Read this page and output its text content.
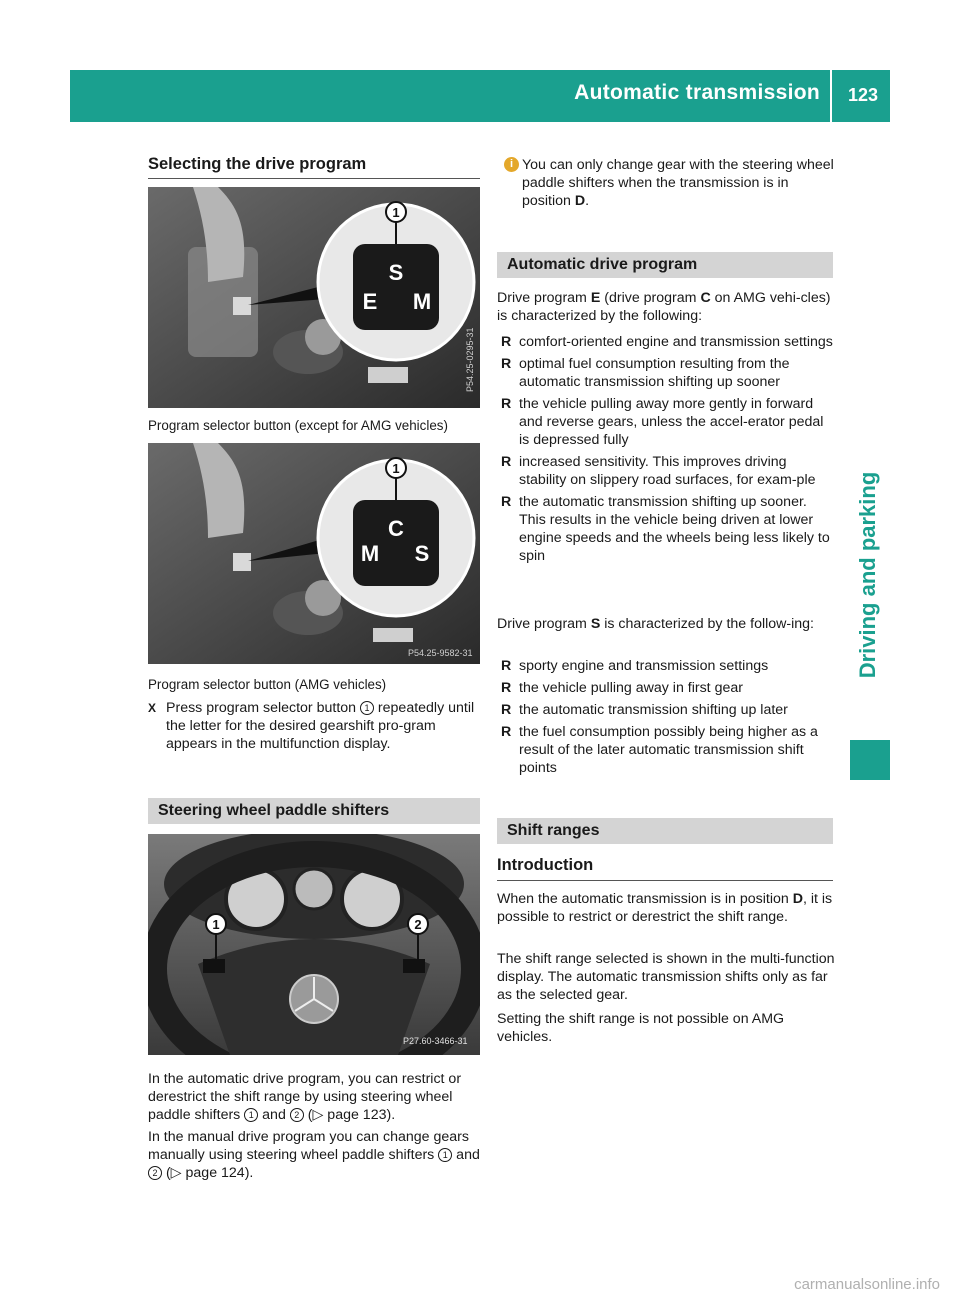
Automatic transmission 123
Driving and parking
Selecting the drive program
S
E M
1
P54.25-0295-31
Program selector button (except for AMG vehicles)
C
M S
1
P54.25-9582-31
Program selector button (AMG vehicles)
X Press program selector button 1 repeatedly until the letter for the desired gearshift pro-gram appears in the multifunction display.
Steering wheel paddle shifters
1	2
P27.60-3466-31
In the automatic drive program, you can restrict or derestrict the shift range by using steering wheel paddle shifters 1 and 2 (▷ page 123).
In the manual drive program you can change gears manually using steering wheel paddle shifters 1 and 2 (▷ page 124).
i You can only change gear with the steering wheel paddle shifters when the transmission is in position D.
Automatic drive program
Drive program E (drive program C on AMG vehi-cles) is characterized by the following:
R comfort-oriented engine and transmission settings
R optimal fuel consumption resulting from the automatic transmission shifting up sooner
R the vehicle pulling away more gently in forward and reverse gears, unless the accel-erator pedal is depressed fully
R increased sensitivity. This improves driving stability on slippery road surfaces, for exam-ple
R the automatic transmission shifting up sooner. This results in the vehicle being driven at lower engine speeds and the wheels being less likely to spin
Drive program S is characterized by the follow-ing:
R sporty engine and transmission settings
R the vehicle pulling away in first gear
R the automatic transmission shifting up later
R the fuel consumption possibly being higher as a result of the later automatic transmission shift points
Shift ranges
Introduction
When the automatic transmission is in position D, it is possible to restrict or derestrict the shift range.
The shift range selected is shown in the multi-function display. The automatic transmission shifts only as far as the selected gear.
Setting the shift range is not possible on AMG vehicles.
carmanualsonline.info
